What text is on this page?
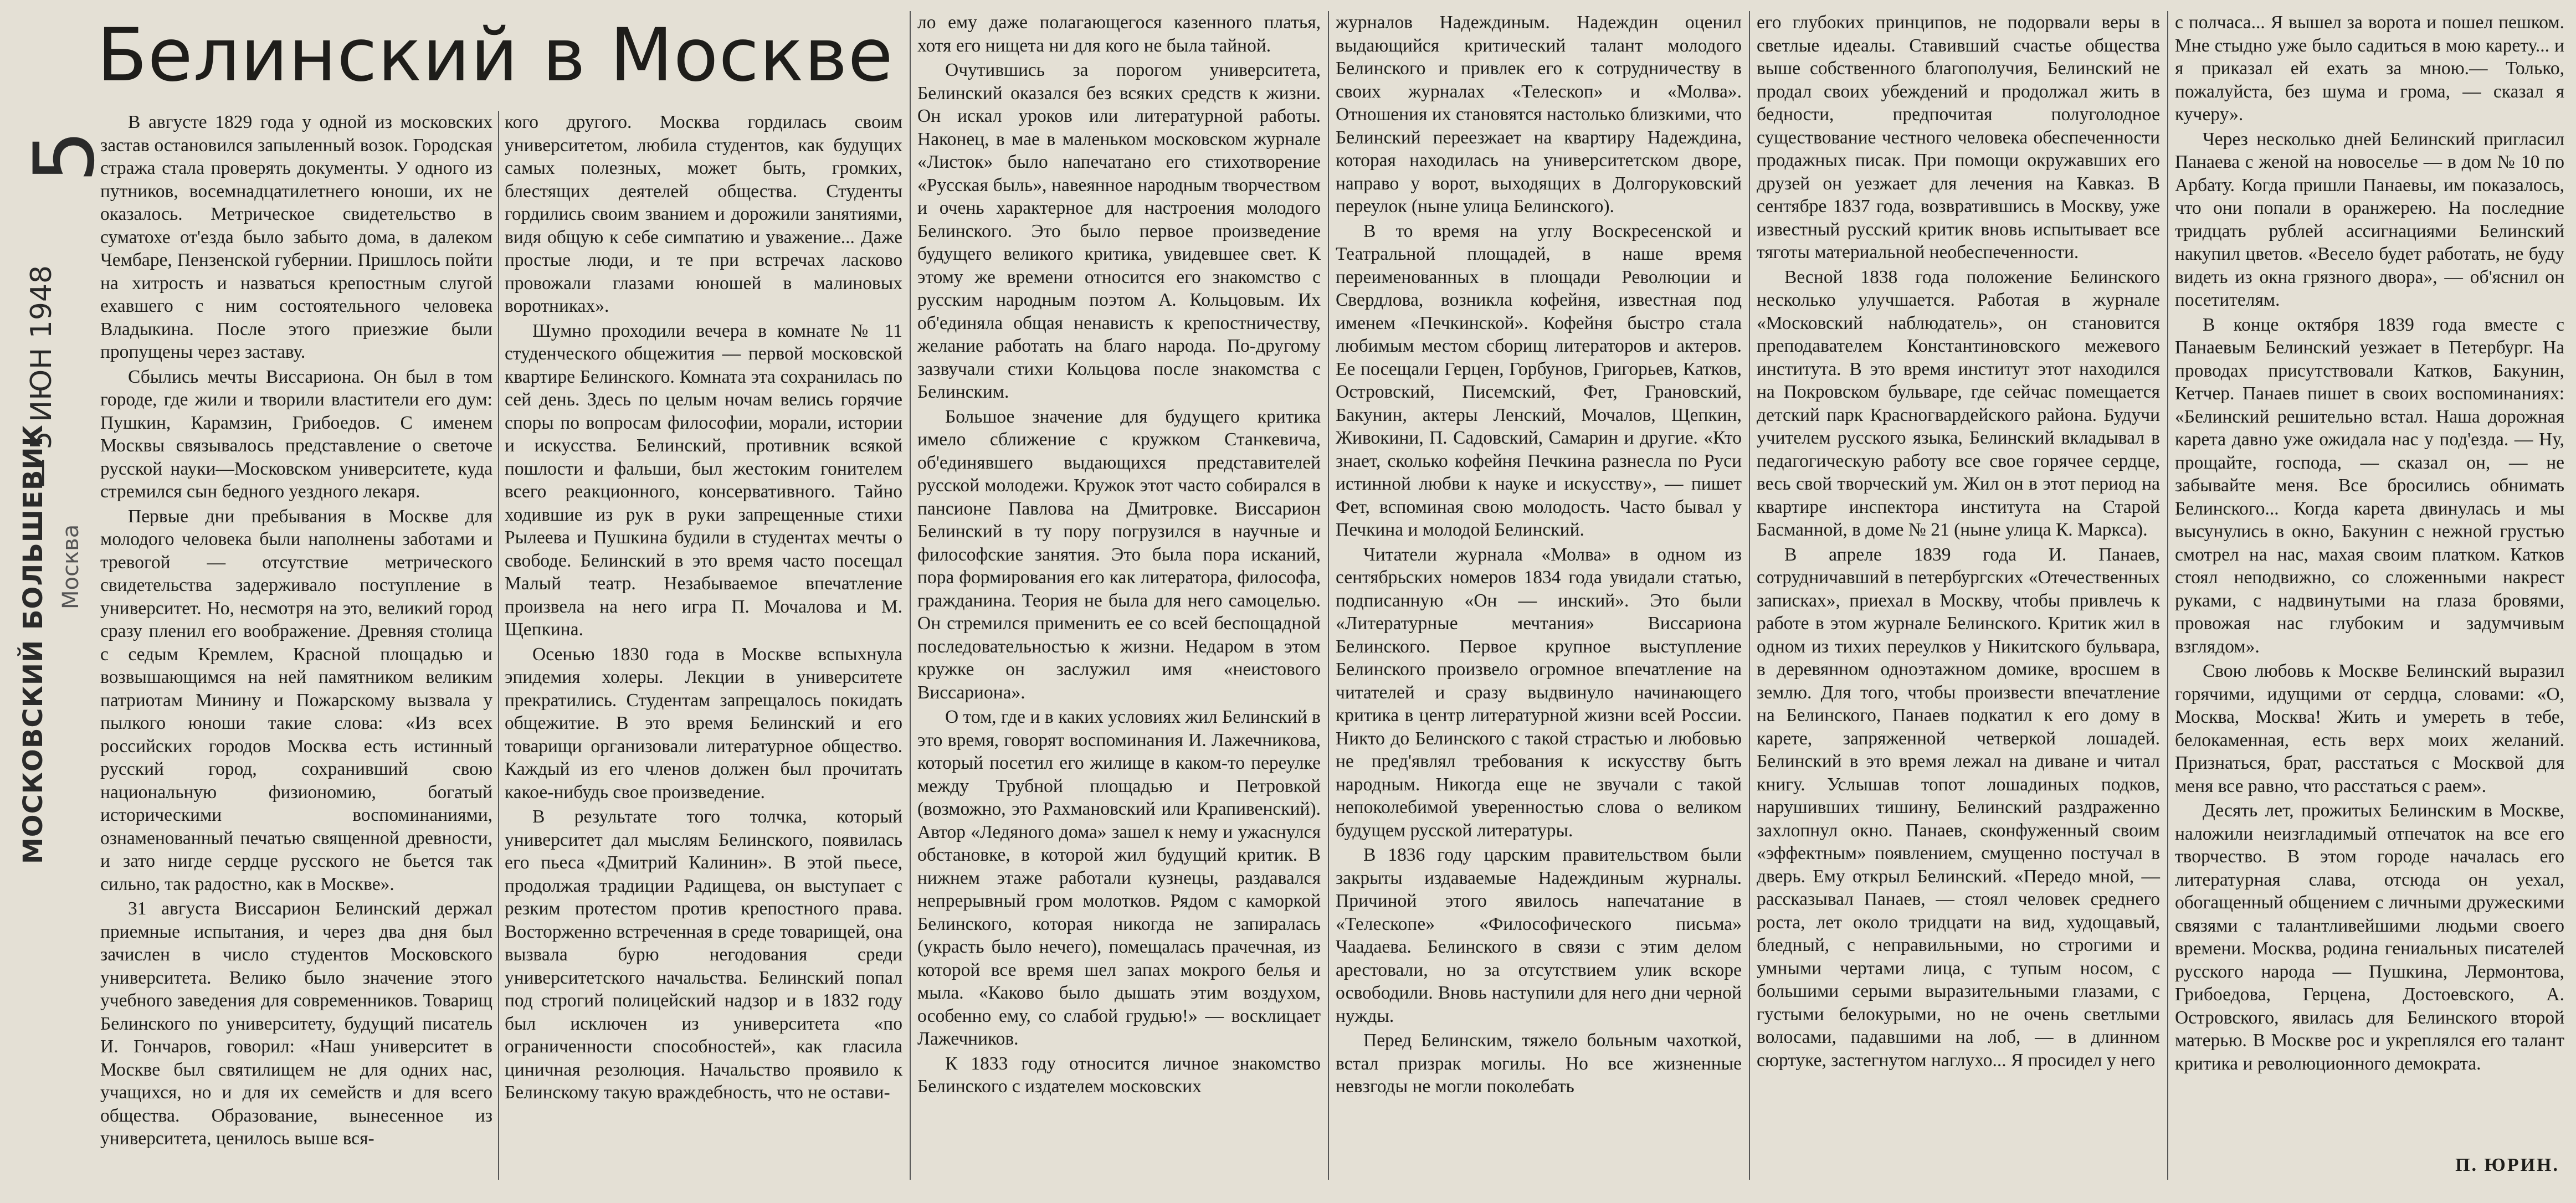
5
— 5 ИЮН 1948
МОСКОВСКИЙ БОЛЬШЕВИК Москва
Белинский в Москве

В августе 1829 года у одной из московских застав остановился запыленный возок. Городская стража стала проверять документы. У одного из путников, восемнадцатилетнего юноши, их не оказалось. Метрическое свидетельство в суматохе от'езда было забыто дома, в далеком Чембаре, Пензенской губернии. Пришлось пойти на хитрость и назваться крепостным слугой ехавшего с ним состоятельного человека Владыкина. После этого приезжие были пропущены через заставу.

Сбылись мечты Виссариона. Он был в том городе, где жили и творили властители его дум: Пушкин, Карамзин, Грибоедов. С именем Москвы связывалось представление о светоче русской науки—Московском университете, куда стремился сын бедного уездного лекаря.

Первые дни пребывания в Москве для молодого человека были наполнены заботами и тревогой — отсутствие метрического свидетельства задерживало поступление в университет. Но, несмотря на это, великий город сразу пленил его воображение. Древняя столица с седым Кремлем, Красной площадью и возвышающимся на ней памятником великим патриотам Минину и Пожарскому вызвала у пылкого юноши такие слова: «Из всех российских городов Москва есть истинный русский город, сохранивший свою национальную физиономию, богатый историческими воспоминаниями, ознаменованный печатью священной древности, и зато нигде сердце русского не бьется так сильно, так радостно, как в Москве».

31 августа Виссарион Белинский держал приемные испытания, и через два дня был зачислен в число студентов Московского университета. Велико было значение этого учебного заведения для современников. Товарищ Белинского по университету, будущий писатель И. Гончаров, говорил: «Наш университет в Москве был святилищем не для одних нас, учащихся, но и для их семейств и для всего общества. Образование, вынесенное из университета, ценилось выше вся-

кого другого. Москва гордилась своим университетом, любила студентов, как будущих самых полезных, может быть, громких, блестящих деятелей общества. Студенты гордились своим званием и дорожили занятиями, видя общую к себе симпатию и уважение... Даже простые люди, и те при встречах ласково провожали глазами юношей в малиновых воротниках».

Шумно проходили вечера в комнате № 11 студенческого общежития — первой московской квартире Белинского. Комната эта сохранилась по сей день. Здесь по целым ночам велись горячие споры по вопросам философии, морали, истории и искусства. Белинский, противник всякой пошлости и фальши, был жестоким гонителем всего реакционного, консервативного. Тайно ходившие из рук в руки запрещенные стихи Рылеева и Пушкина будили в студентах мечты о свободе. Белинский в это время часто посещал Малый театр. Незабываемое впечатление произвела на него игра П. Мочалова и М. Щепкина.

Осенью 1830 года в Москве вспыхнула эпидемия холеры. Лекции в университете прекратились. Студентам запрещалось покидать общежитие. В это время Белинский и его товарищи организовали литературное общество. Каждый из его членов должен был прочитать какое-нибудь свое произведение.

В результате того толчка, который университет дал мыслям Белинского, появилась его пьеса «Дмитрий Калинин». В этой пьесе, продолжая традиции Радищева, он выступает с резким протестом против крепостного права. Восторженно встреченная в среде товарищей, она вызвала бурю негодования среди университетского начальства. Белинский попал под строгий полицейский надзор и в 1832 году был исключен из университета «по ограниченности способностей», как гласила циничная резолюция. Начальство проявило к Белинскому такую враждебность, что не остави-

ло ему даже полагающегося казенного платья, хотя его нищета ни для кого не была тайной.

Очутившись за порогом университета, Белинский оказался без всяких средств к жизни. Он искал уроков или литературной работы. Наконец, в мае в маленьком московском журнале «Листок» было напечатано его стихотворение «Русская быль», навеянное народным творчеством и очень характерное для настроения молодого Белинского. Это было первое произведение будущего великого критика, увидевшее свет. К этому же времени относится его знакомство с русским народным поэтом А. Кольцовым. Их об'единяла общая ненависть к крепостничеству, желание работать на благо народа. По-другому зазвучали стихи Кольцова после знакомства с Белинским.

Большое значение для будущего критика имело сближение с кружком Станкевича, об'единявшего выдающихся представителей русской молодежи. Кружок этот часто собирался в пансионе Павлова на Дмитровке. Виссарион Белинский в ту пору погрузился в научные и философские занятия. Это была пора исканий, пора формирования его как литератора, философа, гражданина. Теория не была для него самоцелью. Он стремился применить ее со всей беспощадной последовательностью к жизни. Недаром в этом кружке он заслужил имя «неистового Виссариона».

О том, где и в каких условиях жил Белинский в это время, говорят воспоминания И. Лажечникова, который посетил его жилище в каком-то переулке между Трубной площадью и Петровкой (возможно, это Рахмановский или Крапивенский). Автор «Ледяного дома» зашел к нему и ужаснулся обстановке, в которой жил будущий критик. В нижнем этаже работали кузнецы, раздавался непрерывный гром молотков. Рядом с каморкой Белинского, которая никогда не запиралась (украсть было нечего), помещалась прачечная, из которой все время шел запах мокрого белья и мыла. «Каково было дышать этим воздухом, особенно ему, со слабой грудью!» — восклицает Лажечников.

К 1833 году относится личное знакомство Белинского с издателем московских

журналов Надеждиным. Надеждин оценил выдающийся критический талант молодого Белинского и привлек его к сотрудничеству в своих журналах «Телескоп» и «Молва». Отношения их становятся настолько близкими, что Белинский переезжает на квартиру Надеждина, которая находилась на университетском дворе, направо у ворот, выходящих в Долгоруковский переулок (ныне улица Белинского).

В то время на углу Воскресенской и Театральной площадей, в наше время переименованных в площади Революции и Свердлова, возникла кофейня, известная под именем «Печкинской». Кофейня быстро стала любимым местом сборищ литераторов и актеров. Ее посещали Герцен, Горбунов, Григорьев, Катков, Островский, Писемский, Фет, Грановский, Бакунин, актеры Ленский, Мочалов, Щепкин, Живокини, П. Садовский, Самарин и другие. «Кто знает, сколько кофейня Печкина разнесла по Руси истинной любви к науке и искусству», — пишет Фет, вспоминая свою молодость. Часто бывал у Печкина и молодой Белинский.

Читатели журнала «Молва» в одном из сентябрьских номеров 1834 года увидали статью, подписанную «Он — инский». Это были «Литературные мечтания» Виссариона Белинского. Первое крупное выступление Белинского произвело огромное впечатление на читателей и сразу выдвинуло начинающего критика в центр литературной жизни всей России. Никто до Белинского с такой страстью и любовью не пред'являл требования к искусству быть народным. Никогда еще не звучали с такой непоколебимой уверенностью слова о великом будущем русской литературы.

В 1836 году царским правительством были закрыты издаваемые Надеждиным журналы. Причиной этого явилось напечатание в «Телескопе» «Философического письма» Чаадаева. Белинского в связи с этим делом арестовали, но за отсутствием улик вскоре освободили. Вновь наступили для него дни черной нужды.

Перед Белинским, тяжело больным чахоткой, встал призрак могилы. Но все жизненные невзгоды не могли поколебать

его глубоких принципов, не подорвали веры в светлые идеалы. Ставивший счастье общества выше собственного благополучия, Белинский не продал своих убеждений и продолжал жить в бедности, предпочитая полуголодное существование честного человека обеспеченности продажных писак. При помощи окружавших его друзей он уезжает для лечения на Кавказ. В сентябре 1837 года, возвратившись в Москву, уже известный русский критик вновь испытывает все тяготы материальной необеспеченности.

Весной 1838 года положение Белинского несколько улучшается. Работая в журнале «Московский наблюдатель», он становится преподавателем Константиновского межевого института. В это время институт этот находился на Покровском бульваре, где сейчас помещается детский парк Красногвардейского района. Будучи учителем русского языка, Белинский вкладывал в педагогическую работу все свое горячее сердце, весь свой творческий ум. Жил он в этот период на квартире инспектора института на Старой Басманной, в доме № 21 (ныне улица К. Маркса).

В апреле 1839 года И. Панаев, сотрудничавший в петербургских «Отечественных записках», приехал в Москву, чтобы привлечь к работе в этом журнале Белинского. Критик жил в одном из тихих переулков у Никитского бульвара, в деревянном одноэтажном домике, вросшем в землю. Для того, чтобы произвести впечатление на Белинского, Панаев подкатил к его дому в карете, запряженной четверкой лошадей. Белинский в это время лежал на диване и читал книгу. Услышав топот лошадиных подков, нарушивших тишину, Белинский раздраженно захлопнул окно. Панаев, сконфуженный своим «эффектным» появлением, смущенно постучал в дверь. Ему открыл Белинский. «Передо мной, — рассказывал Панаев, — стоял человек среднего роста, лет около тридцати на вид, худощавый, бледный, с неправильными, но строгими и умными чертами лица, с тупым носом, с большими серыми выразительными глазами, с густыми белокурыми, но не очень светлыми волосами, падавшими на лоб, — в длинном сюртуке, застегнутом наглухо... Я просидел у него

с полчаса... Я вышел за ворота и пошел пешком. Мне стыдно уже было садиться в мою карету... и я приказал ей ехать за мною.— Только, пожалуйста, без шума и грома, — сказал я кучеру».

Через несколько дней Белинский пригласил Панаева с женой на новоселье — в дом № 10 по Арбату. Когда пришли Панаевы, им показалось, что они попали в оранжерею. На последние тридцать рублей ассигнациями Белинский накупил цветов. «Весело будет работать, не буду видеть из окна грязного двора», — об'яснил он посетителям.

В конце октября 1839 года вместе с Панаевым Белинский уезжает в Петербург. На проводах присутствовали Катков, Бакунин, Кетчер. Панаев пишет в своих воспоминаниях: «Белинский решительно встал. Наша дорожная карета давно уже ожидала нас у под'езда. — Ну, прощайте, господа, — сказал он, — не забывайте меня. Все бросились обнимать Белинского... Когда карета двинулась и мы высунулись в окно, Бакунин с нежной грустью смотрел на нас, махая своим платком. Катков стоял неподвижно, со сложенными накрест руками, с надвинутыми на глаза бровями, провожая нас глубоким и задумчивым взглядом».

Свою любовь к Москве Белинский выразил горячими, идущими от сердца, словами: «О, Москва, Москва! Жить и умереть в тебе, белокаменная, есть верх моих желаний. Признаться, брат, расстаться с Москвой для меня все равно, что расстаться с раем».

Десять лет, прожитых Белинским в Москве, наложили неизгладимый отпечаток на все его творчество. В этом городе началась его литературная слава, отсюда он уехал, обогащенный общением с личными дружескими связями с талантливейшими людьми своего времени. Москва, родина гениальных писателей русского народа — Пушкина, Лермонтова, Грибоедова, Герцена, Достоевского, А. Островского, явилась для Белинского второй матерью. В Москве рос и укреплялся его талант критика и революционного демократа.

П. ЮРИН.
